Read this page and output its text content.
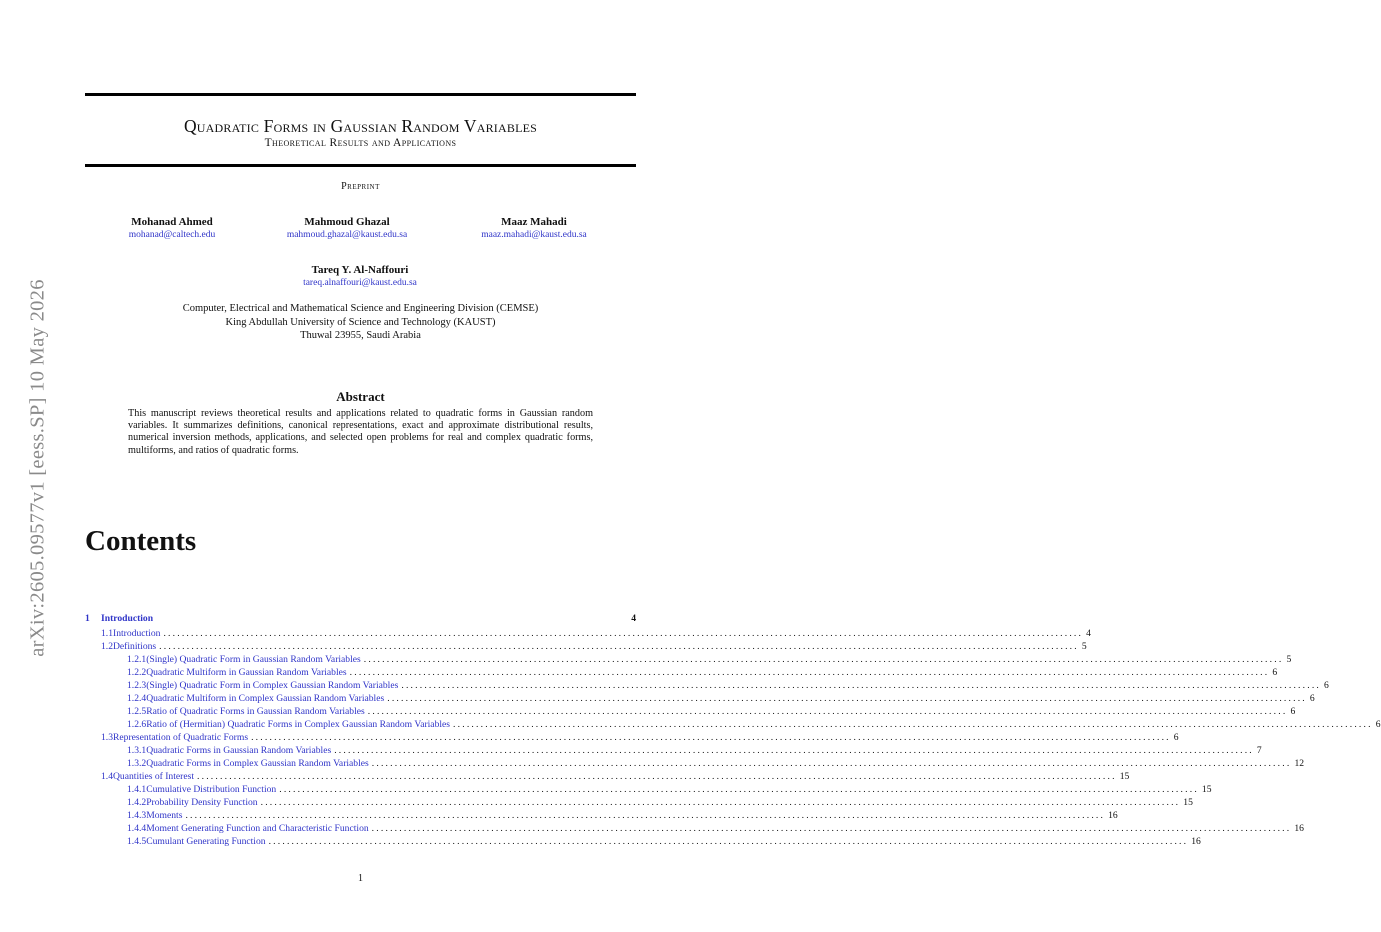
Quadratic Forms in Gaussian Random Variables
Theoretical Results and Applications
Preprint
Mohanad Ahmed
mohanad@caltech.edu
Mahmoud Ghazal
mahmoud.ghazal@kaust.edu.sa
Maaz Mahadi
maaz.mahadi@kaust.edu.sa
Tareq Y. Al-Naffouri
tareq.alnaffouri@kaust.edu.sa
Computer, Electrical and Mathematical Science and Engineering Division (CEMSE)
King Abdullah University of Science and Technology (KAUST)
Thuwal 23955, Saudi Arabia
Abstract
This manuscript reviews theoretical results and applications related to quadratic forms in Gaussian random variables. It summarizes definitions, canonical representations, exact and approximate distributional results, numerical inversion methods, applications, and selected open problems for real and complex quadratic forms, multiforms, and ratios of quadratic forms.
arXiv:2605.09577v1 [eess.SP] 10 May 2026 Contents
1	Introduction	4
1.1 Introduction ........................................................................................................................................................................................................ 4
1.2 Definitions ........................................................................................................................................................................................................ 5
1.2.1 (Single) Quadratic Form in Gaussian Random Variables ........................................................................................................................................................................................................ 5
1.2.2 Quadratic Multiform in Gaussian Random Variables ........................................................................................................................................................................................................ 6
1.2.3 (Single) Quadratic Form in Complex Gaussian Random Variables ........................................................................................................................................................................................................ 6
1.2.4 Quadratic Multiform in Complex Gaussian Random Variables ........................................................................................................................................................................................................ 6
1.2.5 Ratio of Quadratic Forms in Gaussian Random Variables ........................................................................................................................................................................................................ 6
1.2.6 Ratio of (Hermitian) Quadratic Forms in Complex Gaussian Random Variables ........................................................................................................................................................................................................ 6
1.3 Representation of Quadratic Forms ........................................................................................................................................................................................................ 6
1.3.1 Quadratic Forms in Gaussian Random Variables ........................................................................................................................................................................................................ 7
1.3.2 Quadratic Forms in Complex Gaussian Random Variables ........................................................................................................................................................................................................ 12
1.4 Quantities of Interest ........................................................................................................................................................................................................ 15
1.4.1 Cumulative Distribution Function ........................................................................................................................................................................................................ 15
1.4.2 Probability Density Function ........................................................................................................................................................................................................ 15
1.4.3 Moments ........................................................................................................................................................................................................ 16
1.4.4 Moment Generating Function and Characteristic Function ........................................................................................................................................................................................................ 16
1.4.5 Cumulant Generating Function ........................................................................................................................................................................................................ 16
1
